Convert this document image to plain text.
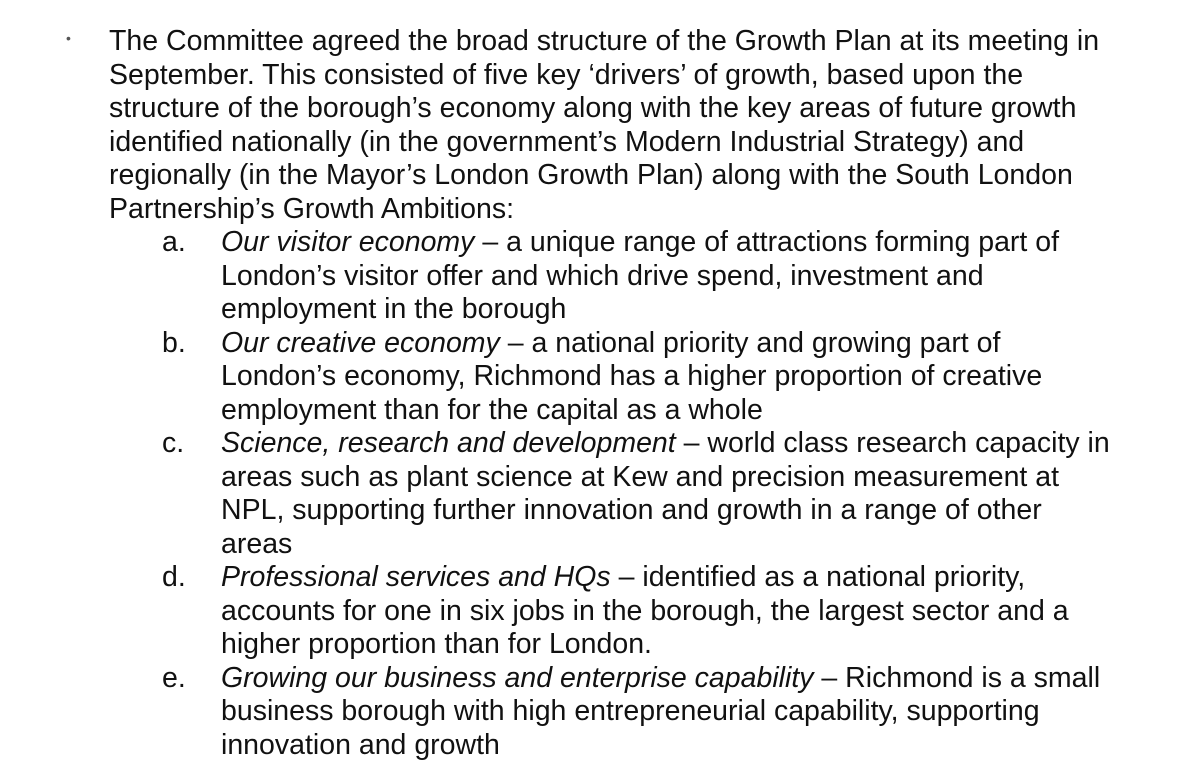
• The Committee agreed the broad structure of the Growth Plan at its meeting in
September. This consisted of five key ‘drivers’ of growth, based upon the
structure of the borough’s economy along with the key areas of future growth
identified nationally (in the government’s Modern Industrial Strategy) and
regionally (in the Mayor’s London Growth Plan) along with the South London
Partnership’s Growth Ambitions:

a. Our visitor economy – a unique range of attractions forming part of
London’s visitor offer and which drive spend, investment and
employment in the borough
b. Our creative economy – a national priority and growing part of
London’s economy, Richmond has a higher proportion of creative
employment than for the capital as a whole
c. Science, research and development – world class research capacity in
areas such as plant science at Kew and precision measurement at
NPL, supporting further innovation and growth in a range of other
areas
d. Professional services and HQs – identified as a national priority,
accounts for one in six jobs in the borough, the largest sector and a
higher proportion than for London.
e. Growing our business and enterprise capability – Richmond is a small
business borough with high entrepreneurial capability, supporting
innovation and growth
